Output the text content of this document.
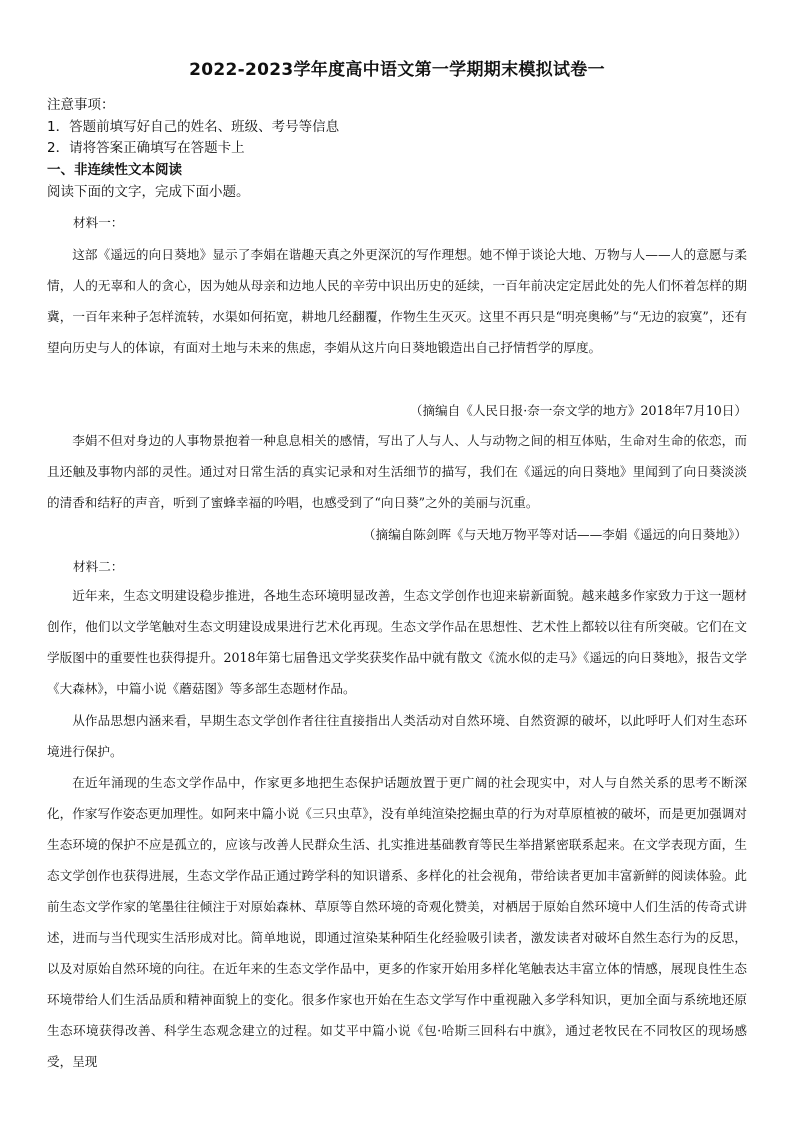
2022-2023学年度高中语文第一学期期末模拟试卷一
注意事项：
1．答题前填写好自己的姓名、班级、考号等信息
2．请将答案正确填写在答题卡上
一、非连续性文本阅读
阅读下面的文字，完成下面小题。
材料一：

这部《遥远的向日葵地》显示了李娟在谐趣天真之外更深沉的写作理想。她不惮于谈论大地、万物与人——人的意愿与柔情，人的无辜和人的贪心，因为她从母亲和边地人民的辛劳中识出历史的延续，一百年前决定定居此处的先人们怀着怎样的期冀，一百年来种子怎样流转，水渠如何拓宽，耕地几经翻覆，作物生生灭灭。这里不再只是“明亮奥畅”与“无边的寂寞”，还有望向历史与人的体谅，有面对土地与未来的焦虑，李娟从这片向日葵地锻造出自己抒情哲学的厚度。

（摘编自《人民日报·奈一奈文学的地方》2018年7月10日）

李娟不但对身边的人事物景抱着一种息息相关的感情，写出了人与人、人与动物之间的相互体贴，生命对生命的依恋，而且还触及事物内部的灵性。通过对日常生活的真实记录和对生活细节的描写，我们在《遥远的向日葵地》里闻到了向日葵淡淡的清香和结籽的声音，听到了蜜蜂幸福的吟唱，也感受到了“向日葵”之外的美丽与沉重。

（摘编自陈剑晖《与天地万物平等对话——李娟《遥远的向日葵地》）
材料二：

近年来，生态文明建设稳步推进，各地生态环境明显改善，生态文学创作也迎来崭新面貌。越来越多作家致力于这一题材创作，他们以文学笔触对生态文明建设成果进行艺术化再现。生态文学作品在思想性、艺术性上都较以往有所突破。它们在文学版图中的重要性也获得提升。2018年第七届鲁迅文学奖获奖作品中就有散文《流水似的走马》《遥远的向日葵地》，报告文学《大森林》，中篇小说《蘑菇图》等多部生态题材作品。

从作品思想内涵来看，早期生态文学创作者往往直接指出人类活动对自然环境、自然资源的破坏，以此呼吁人们对生态环境进行保护。

在近年涌现的生态文学作品中，作家更多地把生态保护话题放置于更广阔的社会现实中，对人与自然关系的思考不断深化，作家写作姿态更加理性。如阿来中篇小说《三只虫草》，没有单纯渲染挖掘虫草的行为对草原植被的破坏，而是更加强调对生态环境的保护不应是孤立的，应该与改善人民群众生活、扎实推进基础教育等民生举措紧密联系起来。在文学表现方面，生态文学创作也获得进展，生态文学作品正通过跨学科的知识谱系、多样化的社会视角，带给读者更加丰富新鲜的阅读体验。此前生态文学作家的笔墨往往倾注于对原始森林、草原等自然环境的奇观化赞美，对栖居于原始自然环境中人们生活的传奇式讲述，进而与当代现实生活形成对比。简单地说，即通过渲染某种陌生化经验吸引读者，激发读者对破坏自然生态行为的反思，以及对原始自然环境的向往。在近年来的生态文学作品中，更多的作家开始用多样化笔触表达丰富立体的情感，展现良性生态环境带给人们生活品质和精神面貌上的变化。很多作家也开始在生态文学写作中重视融入多学科知识，更加全面与系统地还原生态环境获得改善、科学生态观念建立的过程。如艾平中篇小说《包·哈斯三回科右中旗》，通过老牧民在不同牧区的现场感受，呈现
